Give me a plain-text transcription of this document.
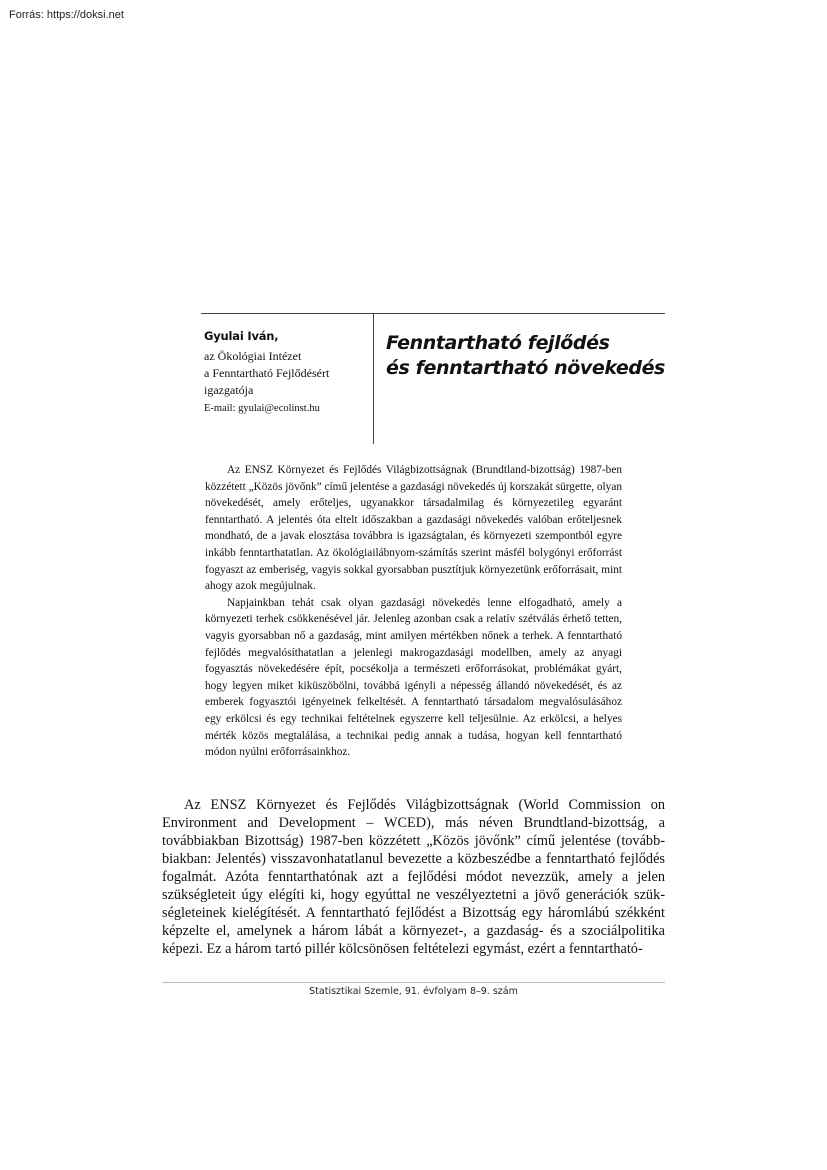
Forrás: https://doksi.net
Gyulai Iván,
az Ökológiai Intézet
a Fenntartható Fejlődésért
igazgatója
E-mail: gyulai@ecolinst.hu
Fenntartható fejlődés
és fenntartható növekedés

Az ENSZ Környezet és Fejlődés Világbizottságnak (Brundtland-bizottság) 1987-ben közzétett „Közös jövőnk” című jelentése a gazdasági növekedés új korszakát sürgette, olyan növekedését, amely erőteljes, ugyanakkor társadalmilag és környezetileg egyaránt fenntartható. A jelentés óta eltelt időszakban a gazdasági növekedés valóban erőteljesnek mondható, de a javak elosztása továbbra is igazságtalan, és környezeti szempontból egyre inkább fenntarthatatlan. Az ökológiailábnyom-számítás szerint másfél bolygónyi erőforrást fogyaszt az emberiség, vagyis sokkal gyorsabban pusztítjuk környezetünk erőforrásait, mint ahogy azok megújulnak.

Napjainkban tehát csak olyan gazdasági növekedés lenne elfogadható, amely a környezeti terhek csökkenésével jár. Jelenleg azonban csak a relatív szétválás érhető tetten, vagyis gyorsabban nő a gazdaság, mint amilyen mértékben nőnek a terhek. A fenntartható fejlődés megvalósíthatatlan a jelenlegi makrogazdasági modellben, amely az anyagi fogyasztás növekedésére épít, pocsékolja a természeti erőforrásokat, problémákat gyárt, hogy legyen miket kiküszöbölni, továbbá igényli a népesség állandó növekedését, és az emberek fogyasztói igényeinek felkeltését. A fenntartható társadalom megvalósulásához egy erkölcsi és egy technikai feltételnek egyszerre kell teljesülnie. Az erkölcsi, a helyes mérték közös megtalálása, a technikai pedig annak a tudása, hogyan kell fenntartható módon nyúlni erőforrásainkhoz.

Az ENSZ Környezet és Fejlődés Világbizottságnak (World Commission on Environment and Development – WCED), más néven Brundtland-bizottság, a továbbiakban Bizottság) 1987-ben közzétett „Közös jövőnk” című jelentése (továbbbiakban: Jelentés) visszavonhatatlanul bevezette a közbeszédbe a fenntartható fejlődés fogalmát. Azóta fenntarthatónak azt a fejlődési módot nevezzük, amely a jelen szükségleteit úgy elégíti ki, hogy egyúttal ne veszélyeztetni a jövő generációk szükségleteinek kielégítését. A fenntartható fejlődést a Bizottság egy háromlábú székként képzelte el, amelynek a három lábát a környezet-, a gazdaság- és a szociálpolitika képezi. Ez a három tartó pillér kölcsönösen feltételezi egymást, ezért a fenntartható-

Statisztikai Szemle, 91. évfolyam 8–9. szám
